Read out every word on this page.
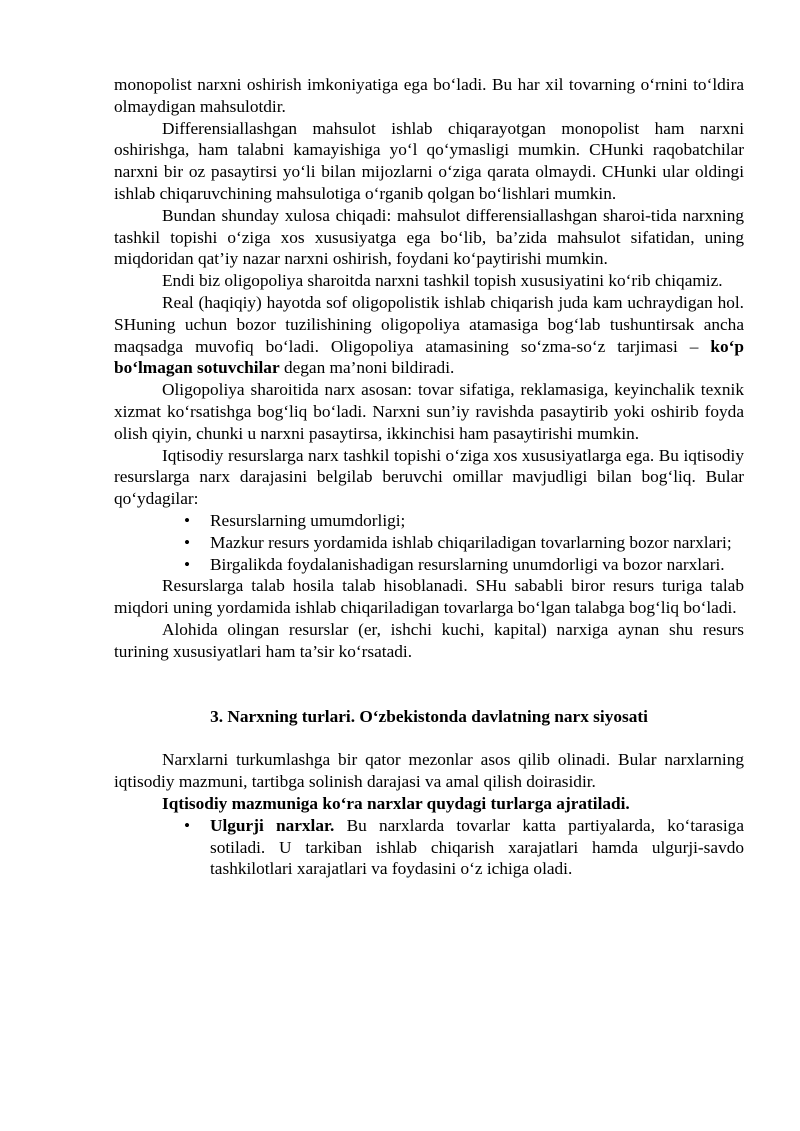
monopolist narxni oshirish imkoniyatiga ega bo‘ladi. Bu har xil tovarning o‘rnini to‘ldira olmaydigan mahsulotdir.

Differensiallashgan mahsulot ishlab chiqarayotgan monopolist ham narxni oshirishga, ham talabni kamayishiga yo‘l qo‘ymasligi mumkin. CHunki raqobatchilar narxni bir oz pasaytirsi yo‘li bilan mijozlarni o‘ziga qarata olmaydi. CHunki ular oldingi ishlab chiqaruvchining mahsulotiga o‘rganib qolgan bo‘lishlari mumkin.

Bundan shunday xulosa chiqadi: mahsulot differensiallashgan sharoi-tida narxning tashkil topishi o‘ziga xos xususiyatga ega bo‘lib, ba’zida mahsulot sifatidan, uning miqdoridan qat’iy nazar narxni oshirish, foydani ko‘paytirishi mumkin.

Endi biz oligopoliya sharoitda narxni tashkil topish xususiyatini ko‘rib chiqamiz.

Real (haqiqiy) hayotda sof oligopolistik ishlab chiqarish juda kam uchraydigan hol. SHuning uchun bozor tuzilishining oligopoliya atamasiga bog‘lab tushuntirsak ancha maqsadga muvofiq bo‘ladi. Oligopoliya atamasining so‘zma-so‘z tarjimasi – ko‘p bo‘lmagan sotuvchilar degan ma’noni bildiradi.

Oligopoliya sharoitida narx asosan: tovar sifatiga, reklamasiga, keyinchalik texnik xizmat ko‘rsatishga bog‘liq bo‘ladi. Narxni sun’iy ravishda pasaytirib yoki oshirib foyda olish qiyin, chunki u narxni pasaytirsa, ikkinchisi ham pasaytirishi mumkin.

Iqtisodiy resurslarga narx tashkil topishi o‘ziga xos xususiyatlarga ega. Bu iqtisodiy resurslarga narx darajasini belgilab beruvchi omillar mavjudligi bilan bog‘liq. Bular qo‘ydagilar:

• Resurslarning umumdorligi;
• Mazkur resurs yordamida ishlab chiqariladigan tovarlarning bozor narxlari;
• Birgalikda foydalanishadigan resurslarning unumdorligi va bozor narxlari.

Resurslarga talab hosila talab hisoblanadi. SHu sababli biror resurs turiga talab miqdori uning yordamida ishlab chiqariladigan tovarlarga bo‘lgan talabga bog‘liq bo‘ladi.

Alohida olingan resurslar (er, ishchi kuchi, kapital) narxiga aynan shu resurs turining xususiyatlari ham ta’sir ko‘rsatadi.

3. Narxning turlari. O‘zbekistonda davlatning narx siyosati

Narxlarni turkumlashga bir qator mezonlar asos qilib olinadi. Bular narxlarning iqtisodiy mazmuni, tartibga solinish darajasi va amal qilish doirasidir.

Iqtisodiy mazmuniga ko‘ra narxlar quydagi turlarga ajratiladi.

• Ulgurji narxlar. Bu narxlarda tovarlar katta partiyalarda, ko‘tarasiga sotiladi. U tarkiban ishlab chiqarish xarajatlari hamda ulgurji-savdo tashkilotlari xarajatlari va foydasini o‘z ichiga oladi.
